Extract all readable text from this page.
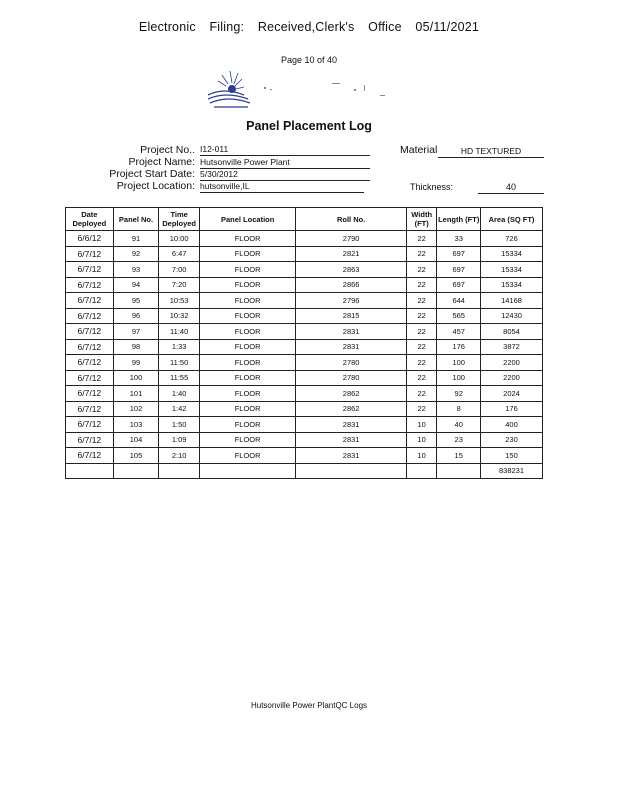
Electronic Filing: Received,Clerk's Office 05/11/2021
Page 10 of 40
Panel Placement Log
Project No.. I12-011
Project Name: Hutsonville Power Plant
Project Start Date: 5/30/2012
Project Location: hutsonville,IL
Material	HD TEXTURED
Thickness:	40
Date Deployed	Panel No.	Time Deployed	Panel Location	Roll No.	Width (FT)	Length (FT)	Area (SQ FT)
6/6/12	91	10:00	FLOOR	2790	22	33	726
6/7/12	92	6:47	FLOOR	2821	22	697	15334
6/7/12	93	7:00	FLOOR	2863	22	697	15334
6/7/12	94	7:20	FLOOR	2866	22	697	15334
6/7/12	95	10:53	FLOOR	2796	22	644	14168
6/7/12	96	10:32	FLOOR	2815	22	565	12430
6/7/12	97	11:40	FLOOR	2831	22	457	8054
6/7/12	98	1:33	FLOOR	2831	22	176	3872
6/7/12	99	11:50	FLOOR	2780	22	100	2200
6/7/12	100	11:55	FLOOR	2780	22	100	2200
6/7/12	101	1:40	FLOOR	2862	22	92	2024
6/7/12	102	1:42	FLOOR	2862	22	8	176
6/7/12	103	1:50	FLOOR	2831	10	40	400
6/7/12	104	1:09	FLOOR	2831	10	23	230
6/7/12	105	2:10	FLOOR	2831	10	15	150
							838231
Hutsonville Power PlantQC Logs
